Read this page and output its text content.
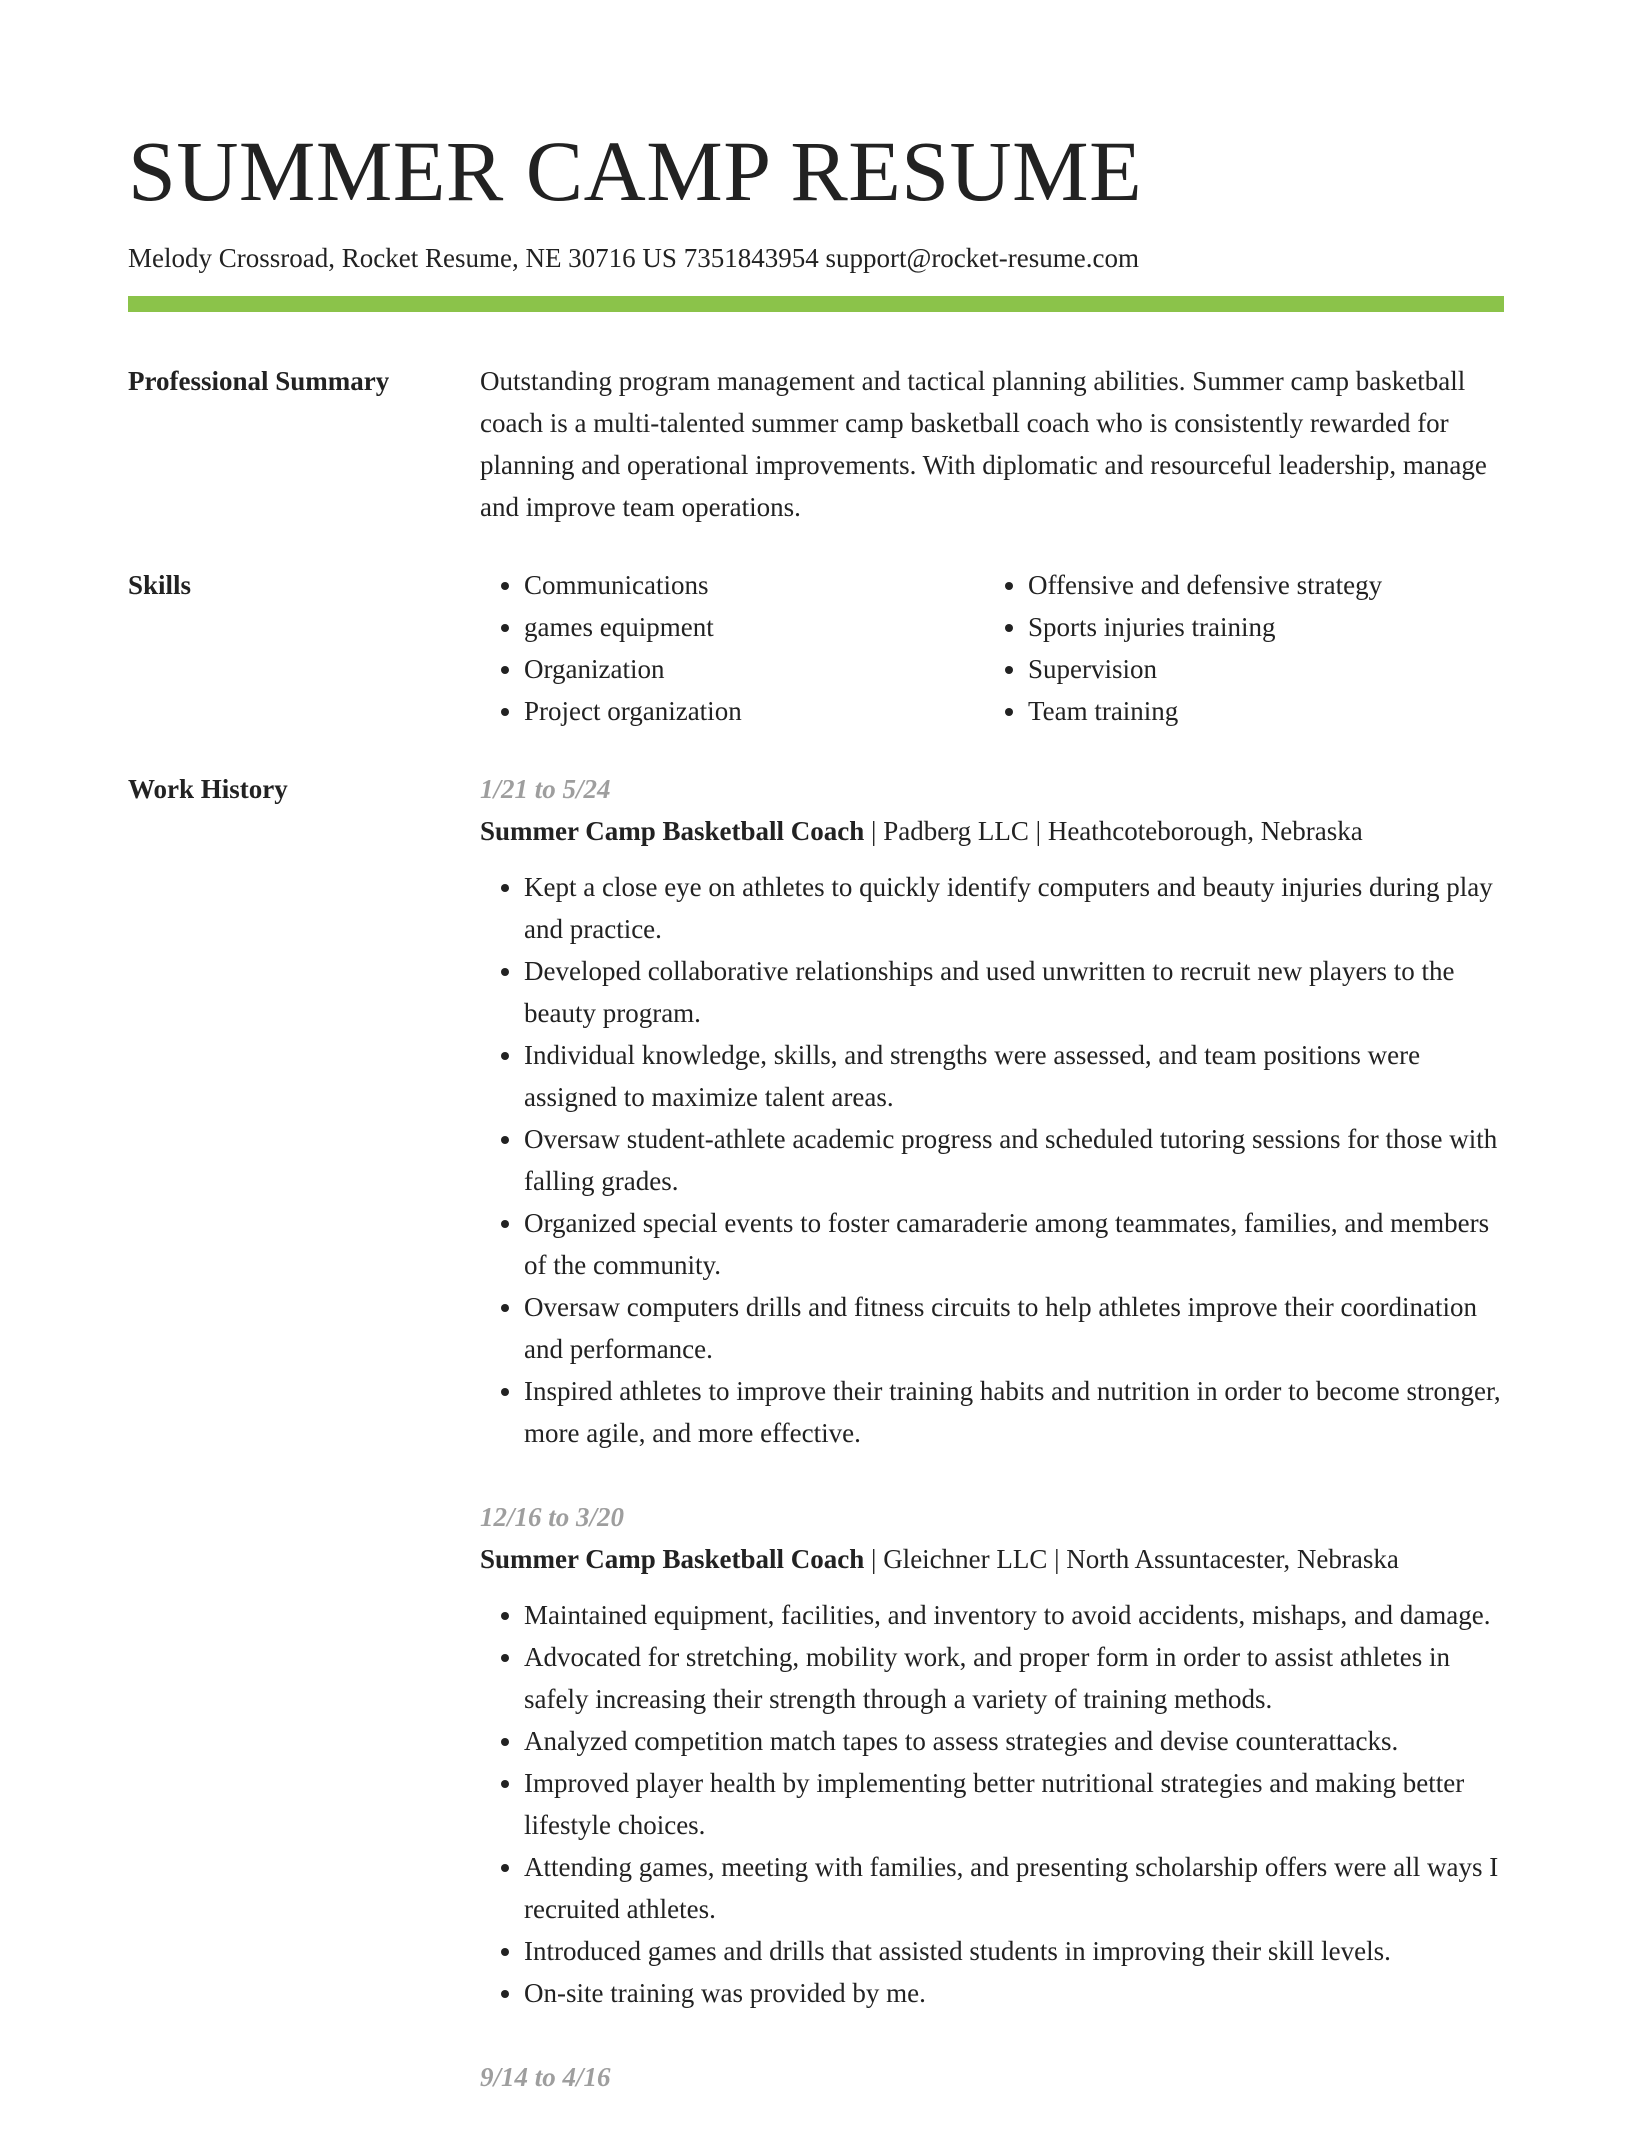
SUMMER CAMP RESUME
Melody Crossroad, Rocket Resume, NE 30716 US 7351843954 support@rocket-resume.com
Professional Summary	Outstanding program management and tactical planning abilities. Summer camp basketball coach is a multi-talented summer camp basketball coach who is consistently rewarded for planning and operational improvements. With diplomatic and resourceful leadership, manage and improve team operations.

Skills
•	Communications
• games equipment
• Organization
• Project organization
• Offensive and defensive strategy
• Sports injuries training
• Supervision
• Team training
Work History	1/21 to 5/24
Summer Camp Basketball Coach | Padberg LLC | Heathcoteborough, Nebraska
• Kept a close eye on athletes to quickly identify computers and beauty injuries during play and practice.
• Developed collaborative relationships and used unwritten to recruit new players to the beauty program.
• Individual knowledge, skills, and strengths were assessed, and team positions were assigned to maximize talent areas.
• Oversaw student-athlete academic progress and scheduled tutoring sessions for those with falling grades.
• Organized special events to foster camaraderie among teammates, families, and members of the community.
• Oversaw computers drills and fitness circuits to help athletes improve their coordination and performance.
• Inspired athletes to improve their training habits and nutrition in order to become stronger, more agile, and more effective.
12/16 to 3/20
Summer Camp Basketball Coach | Gleichner LLC | North Assuntacester, Nebraska
• Maintained equipment, facilities, and inventory to avoid accidents, mishaps, and damage.
• Advocated for stretching, mobility work, and proper form in order to assist athletes in safely increasing their strength through a variety of training methods.
• Analyzed competition match tapes to assess strategies and devise counterattacks.
• Improved player health by implementing better nutritional strategies and making better lifestyle choices.
• Attending games, meeting with families, and presenting scholarship offers were all ways I recruited athletes.
• Introduced games and drills that assisted students in improving their skill levels.
• On-site training was provided by me.
9/14 to 4/16
